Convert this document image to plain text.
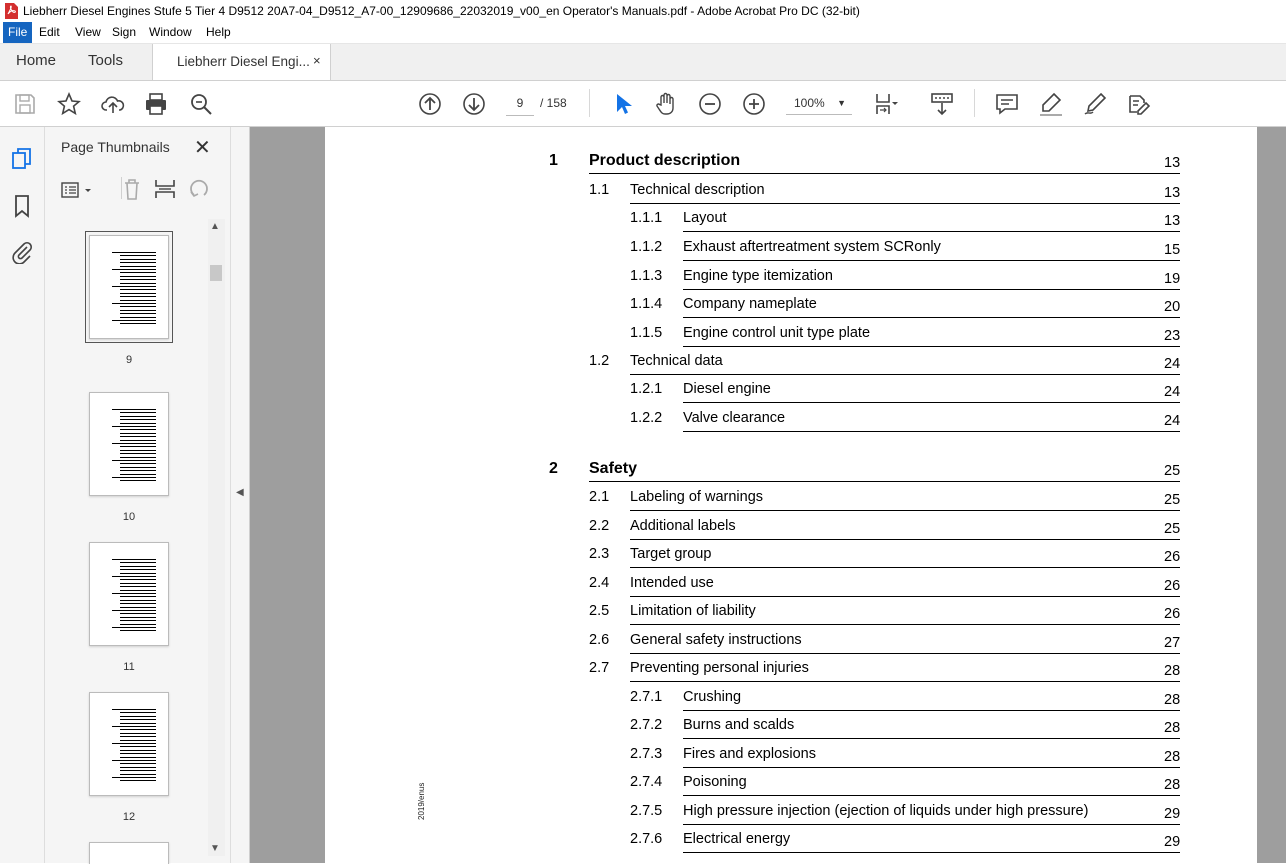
Liebherr Diesel Engines Stufe 5 Tier 4 D9512 20A7-04_D9512_A7-00_12909686_22032019_v00_en Operator's Manuals.pdf - Adobe Acrobat Pro DC (32-bit)
File Edit	View Sign	Window	Help
Home Tools	Liebherr Diesel Engi... ×
9	/ 158	100% ▼
Page Thumbnails ✕
9
10
11
12
▲
▼
◀
1 Product description	13
1.1 Technical description	13
1.1.1 Layout	13
1.1.2 Exhaust aftertreatment system SCRonly	15
1.1.3 Engine type itemization	19
1.1.4 Company nameplate	20
1.1.5 Engine control unit type plate	23
1.2 Technical data	24
1.2.1 Diesel engine	24
1.2.2 Valve clearance	24
2 Safety	25
2.1 Labeling of warnings	25
2.2 Additional labels	25
2.3 Target group	26
2.4 Intended use	26
2.5 Limitation of liability	26
2.6 General safety instructions	27
2.7 Preventing personal injuries	28
2.7.1 Crushing	28
2.7.2 Burns and scalds	28
2.7.3 Fires and explosions	28
2.7.4 Poisoning	28
2.7.5 High pressure injection (ejection of liquids under high pressure)	29
2.7.6 Electrical energy	29
2019/enus
